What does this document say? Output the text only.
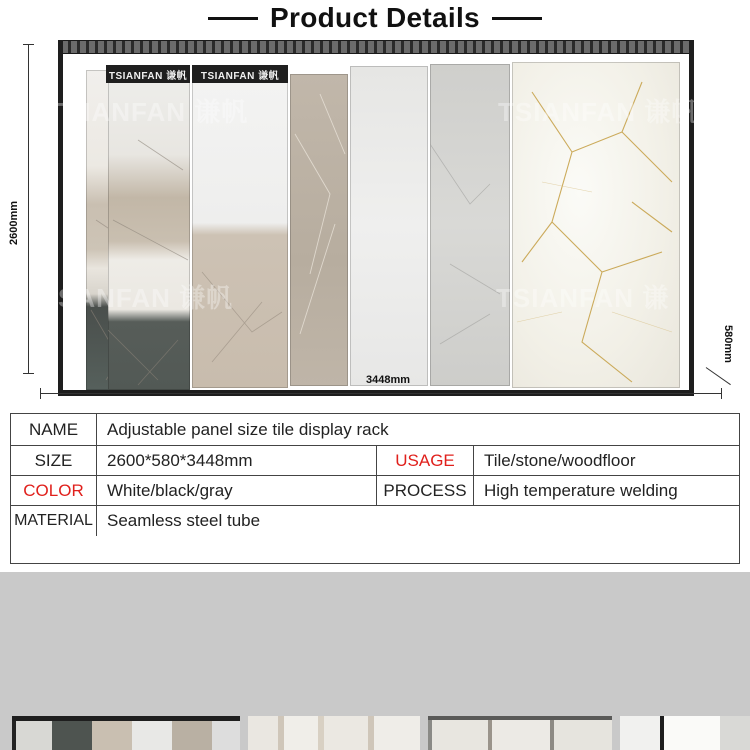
Product Details
2600mm
TSIANFAN 谦帆	TSIANFAN 谦帆
SANFAN 谦帆	TSIANFAN 谦
TSIANFAN 谦帆	TSIANFAN 谦帆
580mm
3448mm
NAME	Adjustable panel size tile display rack
SIZE	2600*580*3448mm	USAGE	Tile/stone/woodfloor
COLOR	White/black/gray	PROCESS	High temperature welding
MATERIAL Seamless steel tube
